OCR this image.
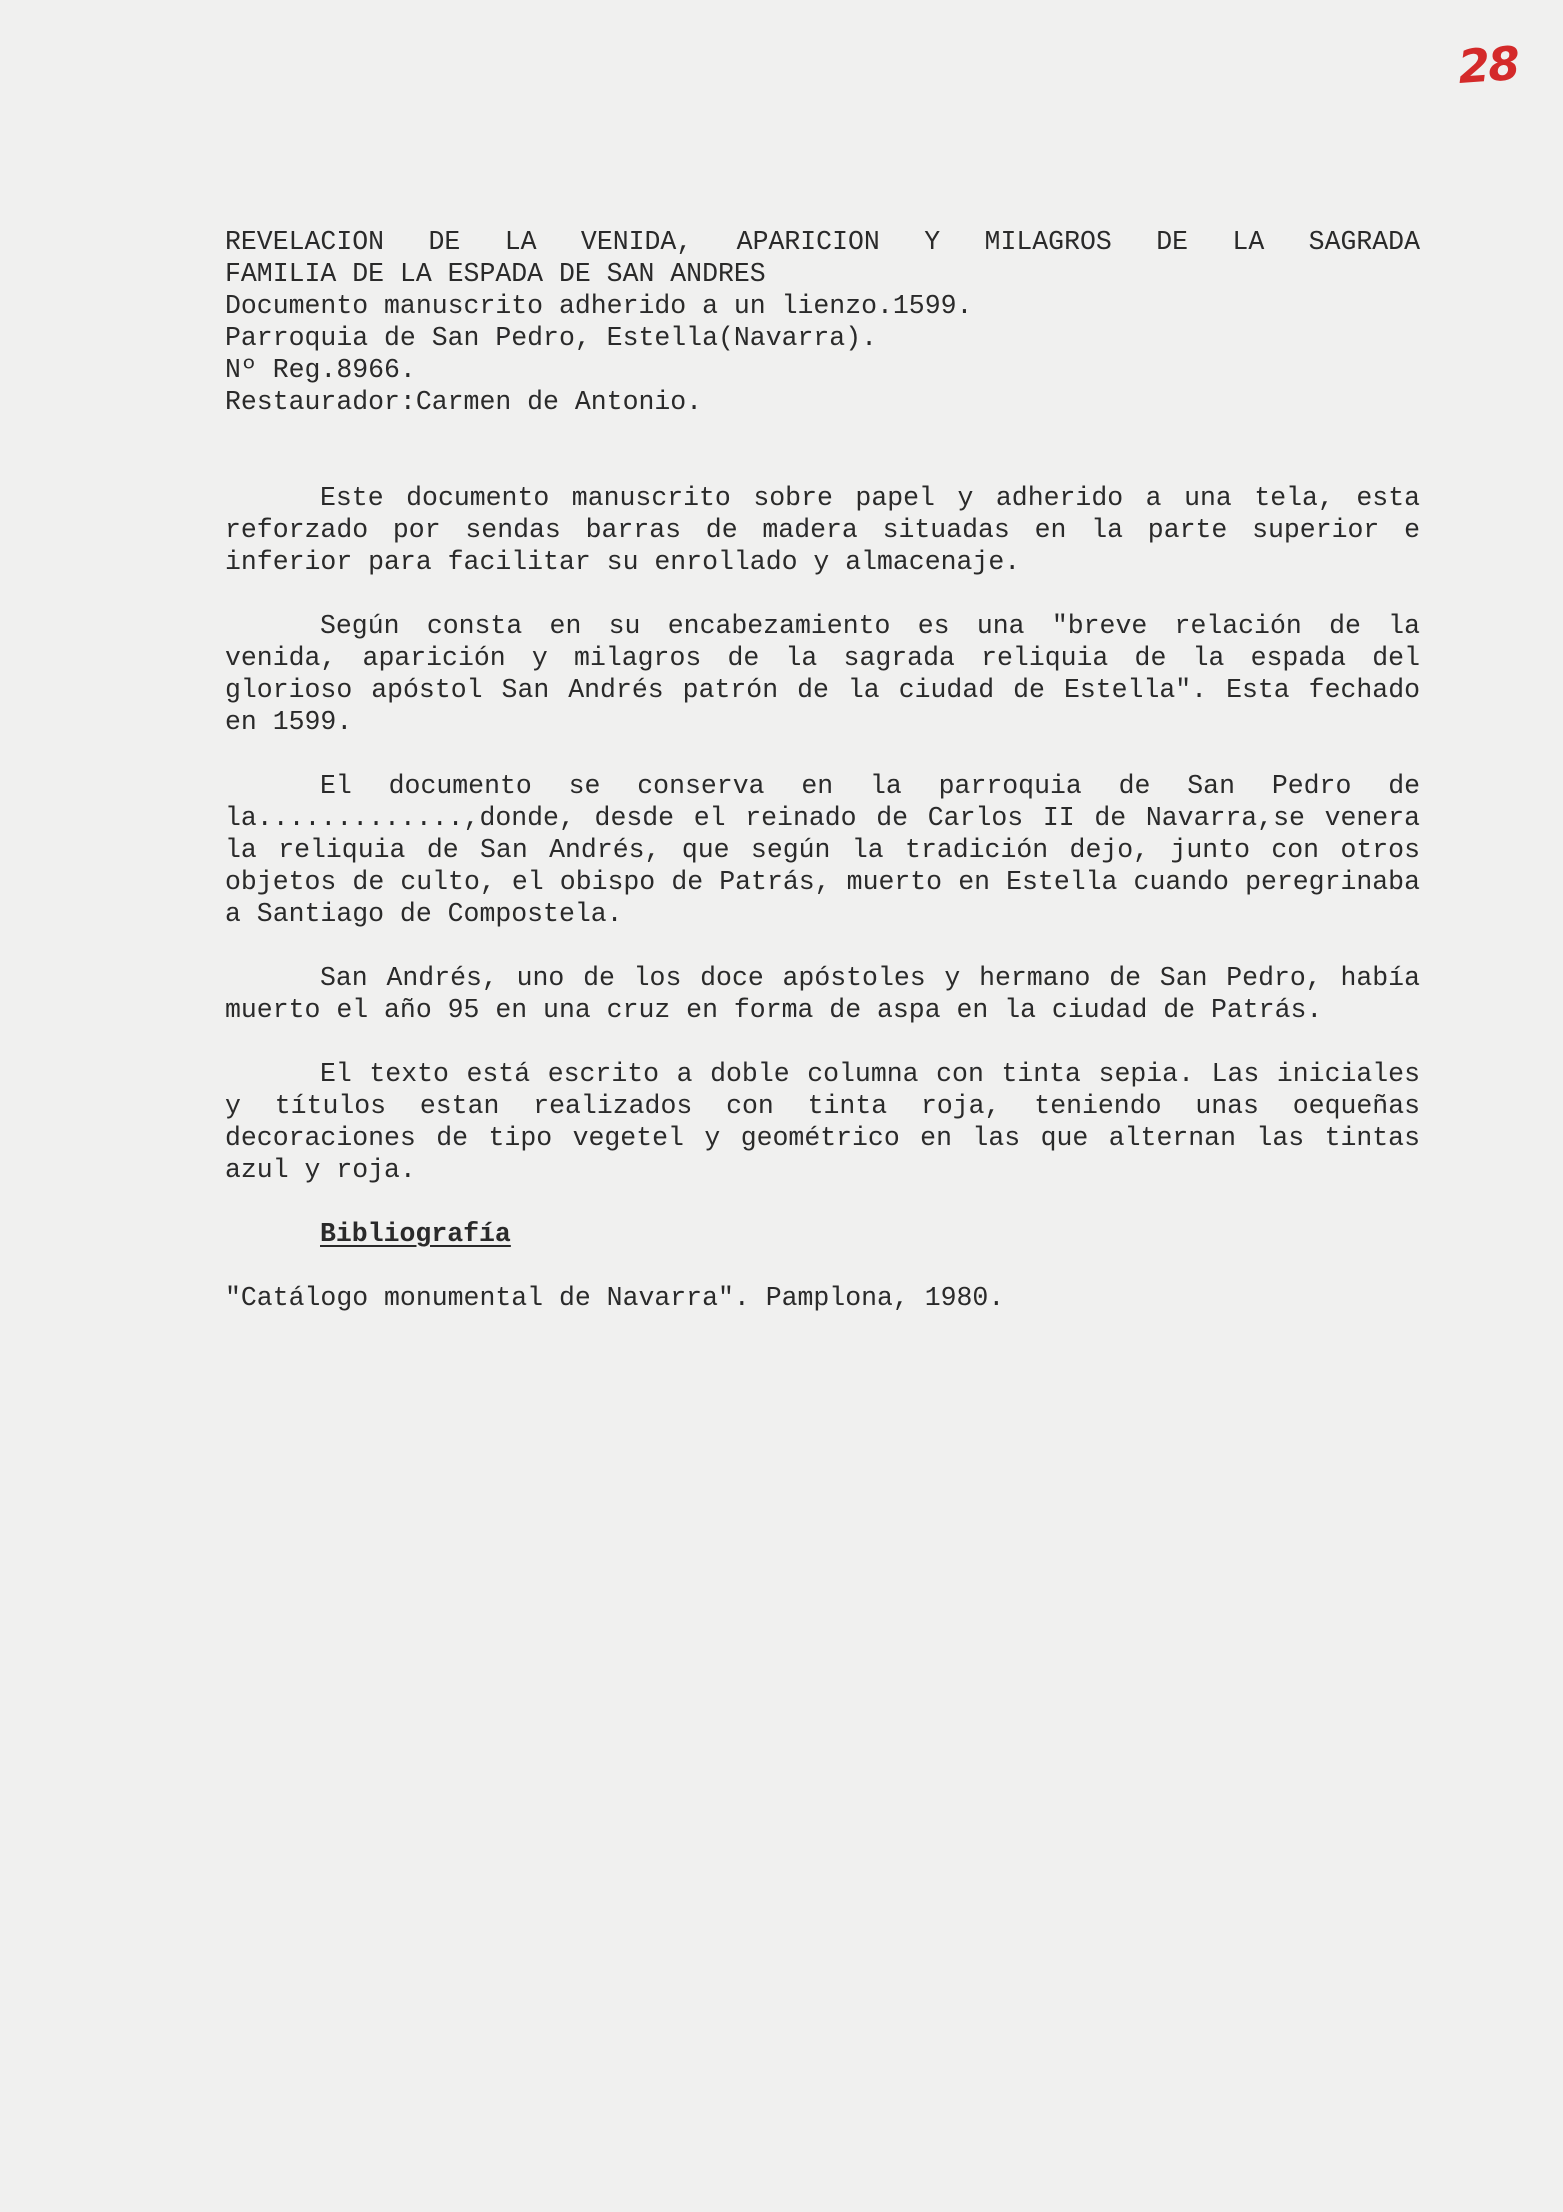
28
REVELACION DE LA VENIDA, APARICION Y MILAGROS DE LA SAGRADA
FAMILIA DE LA ESPADA DE SAN ANDRES
Documento manuscrito adherido a un lienzo.1599.
Parroquia de San Pedro, Estella(Navarra).
Nº Reg.8966.
Restaurador:Carmen de Antonio.

Este documento manuscrito sobre papel y adherido a una tela, esta reforzado por sendas barras de madera situadas en la parte superior e inferior para facilitar su enrollado y almacenaje.

Según consta en su encabezamiento es una "breve relación de la venida, aparición y milagros de la sagrada reliquia de la espada del glorioso apóstol San Andrés patrón de la ciudad de Estella". Esta fechado en 1599.

El documento se conserva en la parroquia de San Pedro de la.............,donde, desde el reinado de Carlos II de Navarra,se venera la reliquia de San Andrés, que según la tradición dejo, junto con otros objetos de culto, el obispo de Patrás, muerto en Estella cuando peregrinaba a Santiago de Compostela.

San Andrés, uno de los doce apóstoles y hermano de San Pedro, había muerto el año 95 en una cruz en forma de aspa en la ciudad de Patrás.

El texto está escrito a doble columna con tinta sepia. Las iniciales y títulos estan realizados con tinta roja, teniendo unas oequeñas decoraciones de tipo vegetel y geométrico en las que alternan las tintas azul y roja.

Bibliografía

"Catálogo monumental de Navarra". Pamplona, 1980.
